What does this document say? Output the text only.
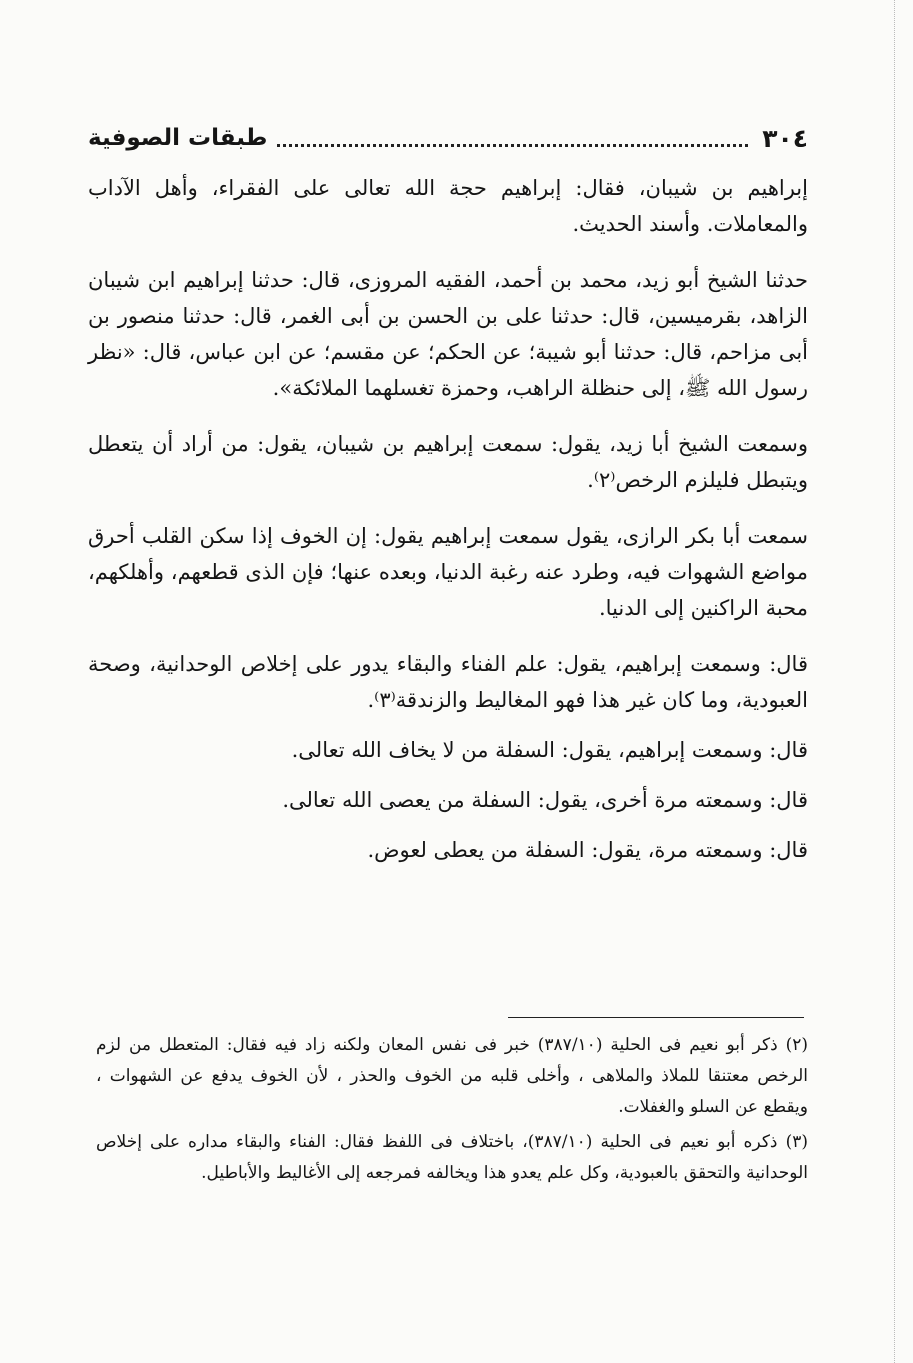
٣٠٤
طبقات الصوفية

إبراهيم بن شيبان، فقال: إبراهيم حجة الله تعالى على الفقراء، وأهل الآداب والمعاملات. وأسند الحديث.

حدثنا الشيخ أبو زيد، محمد بن أحمد، الفقيه المروزى، قال: حدثنا إبراهيم ابن شيبان الزاهد، بقرميسين، قال: حدثنا على بن الحسن بن أبى الغمر، قال: حدثنا منصور بن أبى مزاحم، قال: حدثنا أبو شيبة؛ عن الحكم؛ عن مقسم؛ عن ابن عباس، قال: «نظر رسول الله ﷺ، إلى حنظلة الراهب، وحمزة تغسلهما الملائكة».

وسمعت الشيخ أبا زيد، يقول: سمعت إبراهيم بن شيبان، يقول: من أراد أن يتعطل ويتبطل فليلزم الرخص⁽٢⁾.

سمعت أبا بكر الرازى، يقول سمعت إبراهيم يقول: إن الخوف إذا سكن القلب أحرق مواضع الشهوات فيه، وطرد عنه رغبة الدنيا، وبعده عنها؛ فإن الذى قطعهم، وأهلكهم، محبة الراكنين إلى الدنيا.

قال: وسمعت إبراهيم، يقول: علم الفناء والبقاء يدور على إخلاص الوحدانية، وصحة العبودية، وما كان غير هذا فهو المغاليط والزندقة⁽٣⁾.

قال: وسمعت إبراهيم، يقول: السفلة من لا يخاف الله تعالى.

قال: وسمعته مرة أخرى، يقول: السفلة من يعصى الله تعالى.

قال: وسمعته مرة، يقول: السفلة من يعطى لعوض.

(٢) ذكر أبو نعيم فى الحلية (٣٨٧/١٠) خبر فى نفس المعان ولكنه زاد فيه فقال: المتعطل من لزم الرخص معتنقا للملاذ والملاهى ، وأخلى قلبه من الخوف والحذر ، لأن الخوف يدفع عن الشهوات ، ويقطع عن السلو والغفلات.

(٣) ذكره أبو نعيم فى الحلية (٣٨٧/١٠)، باختلاف فى اللفظ فقال: الفناء والبقاء مداره على إخلاص الوحدانية والتحقق بالعبودية، وكل علم يعدو هذا ويخالفه فمرجعه إلى الأغاليط والأباطيل.
